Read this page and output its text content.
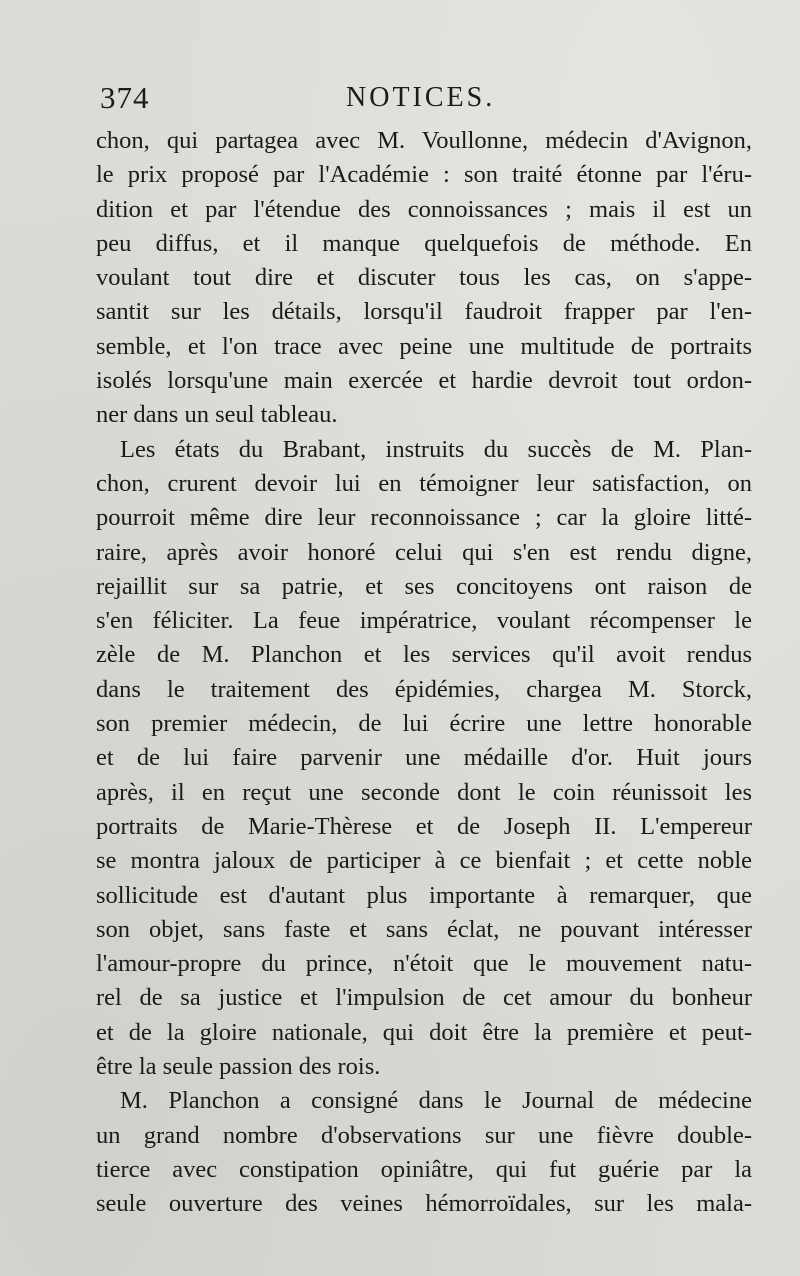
374	NOTICES.
chon, qui partagea avec M. Voullonne, médecin d'Avignon,
le prix proposé par l'Académie : son traité étonne par l'éru-
dition et par l'étendue des connoissances ; mais il est un
peu diffus, et il manque quelquefois de méthode. En
voulant tout dire et discuter tous les cas, on s'appe-
santit sur les détails, lorsqu'il faudroit frapper par l'en-
semble, et l'on trace avec peine une multitude de portraits
isolés lorsqu'une main exercée et hardie devroit tout ordon-
ner dans un seul tableau.
Les états du Brabant, instruits du succès de M. Plan-
chon, crurent devoir lui en témoigner leur satisfaction, on
pourroit même dire leur reconnoissance ; car la gloire litté-
raire, après avoir honoré celui qui s'en est rendu digne,
rejaillit sur sa patrie, et ses concitoyens ont raison de
s'en féliciter. La feue impératrice, voulant récompenser le
zèle de M. Planchon et les services qu'il avoit rendus
dans le traitement des épidémies, chargea M. Storck,
son premier médecin, de lui écrire une lettre honorable
et de lui faire parvenir une médaille d'or. Huit jours
après, il en reçut une seconde dont le coin réunissoit les
portraits de Marie-Thèrese et de Joseph II. L'empereur
se montra jaloux de participer à ce bienfait ; et cette noble
sollicitude est d'autant plus importante à remarquer, que
son objet, sans faste et sans éclat, ne pouvant intéresser
l'amour-propre du prince, n'étoit que le mouvement natu-
rel de sa justice et l'impulsion de cet amour du bonheur
et de la gloire nationale, qui doit être la première et peut-
être la seule passion des rois.
M. Planchon a consigné dans le Journal de médecine
un grand nombre d'observations sur une fièvre double-
tierce avec constipation opiniâtre, qui fut guérie par la
seule ouverture des veines hémorroïdales, sur les mala-
